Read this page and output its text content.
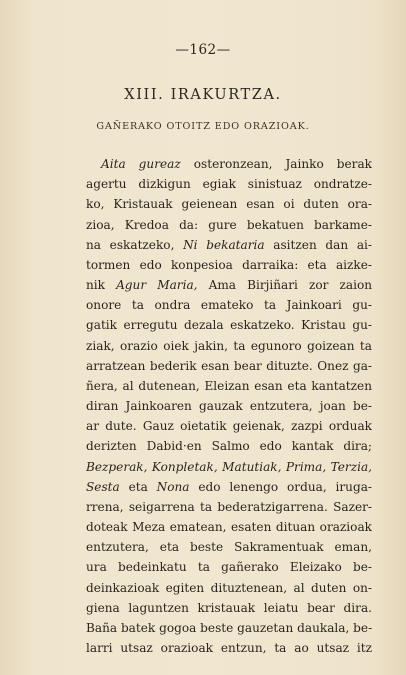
—162—
XIII. IRAKURTZA.
GAÑERAKO OTOITZ EDO ORAZIOAK.
Aita gureaz osteronzean, Jainko berak
agertu dizkigun egiak sinistuaz ondratze-
ko, Kristauak geienean esan oi duten ora-
zioa, Kredoa da: gure bekatuen barkame-
na eskatzeko, Ni bekataria asitzen dan ai-
tormen edo konpesioa darraika: eta aizke-
nik Agur Maria, Ama Birjiñari zor zaion
onore ta ondra emateko ta Jainkoari gu-
gatik erregutu dezala eskatzeko. Kristau gu-
ziak, orazio oiek jakin, ta egunoro goizean ta
arratzean bederik esan bear dituzte. Onez ga-
ñera, al dutenean, Eleizan esan eta kantatzen
diran Jainkoaren gauzak entzutera, joan be-
ar dute. Gauz oietatik geienak, zazpi orduak
derizten Dabid·en Salmo edo kantak dira;
Bezperak, Konpletak, Matutiak, Prima, Terzia,
Sesta eta Nona edo lenengo ordua, iruga-
rrena, seigarrena ta bederatzigarrena. Sazer-
doteak Meza ematean, esaten dituan orazioak
entzutera, eta beste Sakramentuak eman,
ura bedeinkatu ta gañerako Eleizako be-
deinkazioak egiten dituztenean, al duten on-
giena laguntzen kristauak leiatu bear dira.
Baña batek gogoa beste gauzetan daukala, be-
larri utsaz orazioak entzun, ta ao utsaz itz
